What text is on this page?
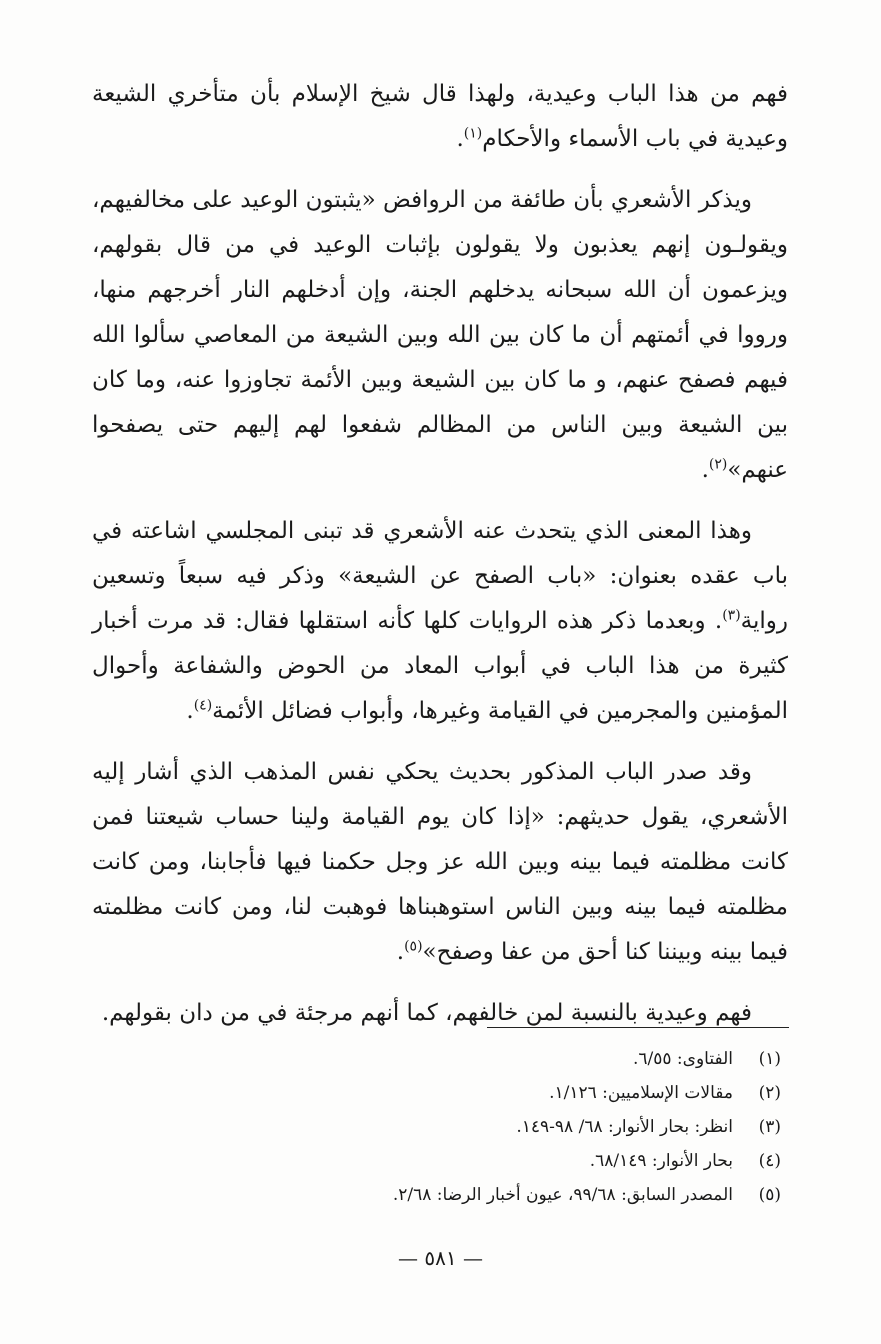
فهم من هذا الباب وعيدية، ولهذا قال شيخ الإسلام بأن متأخري الشيعة وعيدية في باب الأسماء والأحكام$^{(١)}$.

ويذكر الأشعري بأن طائفة من الروافض «يثبتون الوعيد على مخالفيهم، ويقولـون إنهم يعذبون ولا يقولون بإثبات الوعيد في من قال بقولهم، ويزعمون أن الله سبحانه يدخلهم الجنة، وإن أدخلهم النار أخرجهم منها، ورووا في أئمتهم أن ما كان بين الله وبين الشيعة من المعاصي سألوا الله فيهم فصفح عنهم، و ما كان بين الشيعة وبين الأئمة تجاوزوا عنه، وما كان بين الشيعة وبين الناس من المظالم شفعوا لهم إليهم حتى يصفحوا عنهم»$^{(٢)}$.

وهذا المعنى الذي يتحدث عنه الأشعري قد تبنى المجلسي اشاعته في باب عقده بعنوان: «باب الصفح عن الشيعة» وذكر فيه سبعاً وتسعين رواية$^{(٣)}$. وبعدما ذكر هذه الروايات كلها كأنه استقلها فقال: قد مرت أخبار كثيرة من هذا الباب في أبواب المعاد من الحوض والشفاعة وأحوال المؤمنين والمجرمين في القيامة وغيرها، وأبواب فضائل الأئمة$^{(٤)}$.

وقد صدر الباب المذكور بحديث يحكي نفس المذهب الذي أشار إليه الأشعري، يقول حديثهم: «إذا كان يوم القيامة ولينا حساب شيعتنا فمن كانت مظلمته فيما بينه وبين الله عز وجل حكمنا فيها فأجابنا، ومن كانت مظلمته فيما بينه وبين الناس استوهبناها فوهبت لنا، ومن كانت مظلمته فيما بينه وبيننا كنا أحق من عفا وصفح»$^{(٥)}$.

فهم وعيدية بالنسبة لمن خالفهم، كما أنهم مرجئة في من دان بقولهم.

(١)
الفتاوى: ٦/٥٥.
(٢)
مقالات الإسلاميين: ١/١٢٦.
(٣)
انظر: بحار الأنوار: ٦٨/ ٩٨-١٤٩.
(٤)
بحار الأنوار: ٦٨/١٤٩.
(٥)
المصدر السابق: ٩٩/٦٨، عيون أخبار الرضا: ٢/٦٨.
— ٥٨١ —
